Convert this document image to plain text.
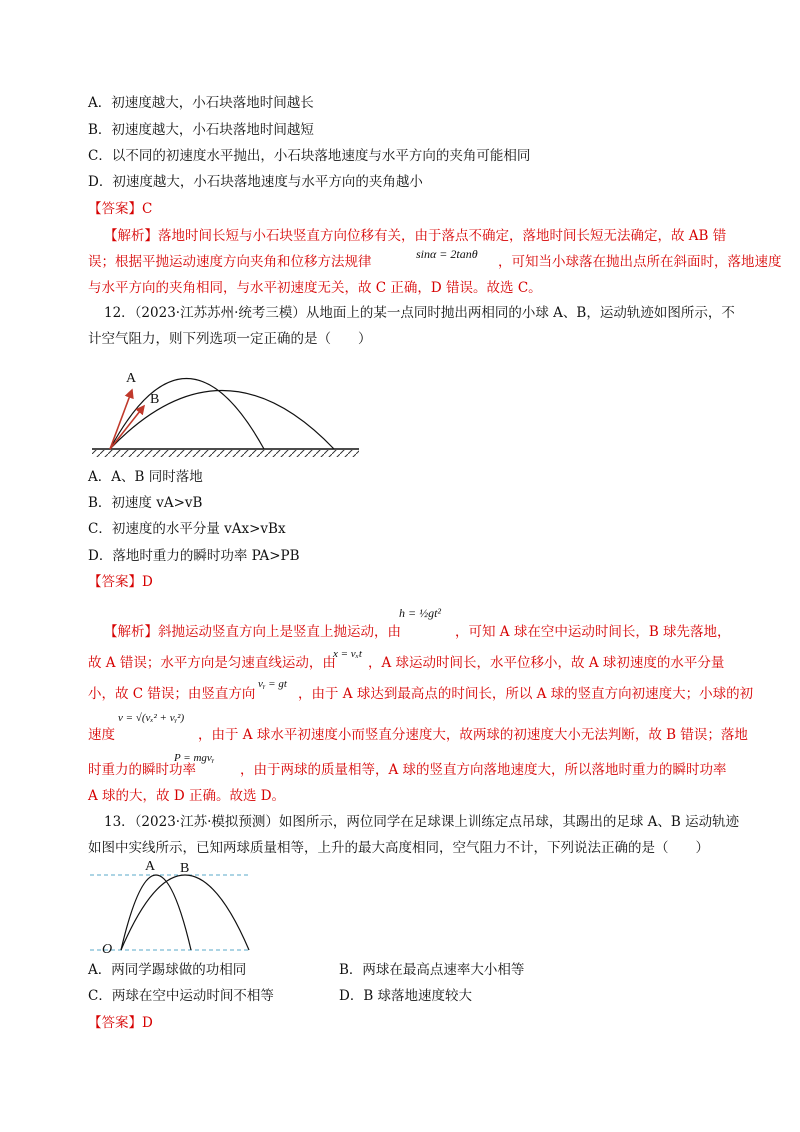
A．初速度越大，小石块落地时间越长
B．初速度越大，小石块落地时间越短
C．以不同的初速度水平抛出，小石块落地速度与水平方向的夹角可能相同
D．初速度越大，小石块落地速度与水平方向的夹角越小
【答案】C
【解析】落地时间长短与小石块竖直方向位移有关，由于落点不确定，落地时间长短无法确定，故 AB 错
误；根据平抛运动速度方向夹角和位移方法规律	sinα = 2tanθ ，可知当小球落在抛出点所在斜面时，落地速度
与水平方向的夹角相同，与水平初速度无关，故 C 正确，D 错误。故选 C。
12．（2023·江苏苏州·统考三模）从地面上的某一点同时抛出两相同的小球 A、B，运动轨迹如图所示，不
计空气阻力，则下列选项一定正确的是（　　）
A
B
A．A、B 同时落地
B．初速度 vA>vB
C．初速度的水平分量 vAx>vBx
D．落地时重力的瞬时功率 PA>PB
【答案】D
【解析】斜抛运动竖直方向上是竖直上抛运动，由
h = ½gt²
，可知 A 球在空中运动时间长，B 球先落地，
故 A 错误；水平方向是匀速直线运动，由
x = vₓt
，A 球运动时间长，水平位移小，故 A 球初速度的水平分量
小，故 C 错误；由竖直方向
vᵧ = gt
，由于 A 球达到最高点的时间长，所以 A 球的竖直方向初速度大；小球的初
速度
v = √(vₓ² + vᵧ²)
，由于 A 球水平初速度小而竖直分速度大，故两球的初速度大小无法判断，故 B 错误；落地
时重力的瞬时功率
P = mgvᵧ
，由于两球的质量相等，A 球的竖直方向落地速度大，所以落地时重力的瞬时功率
A 球的大，故 D 正确。故选 D。
13．（2023·江苏·模拟预测）如图所示，两位同学在足球课上训练定点吊球，其踢出的足球 A、B 运动轨迹
如图中实线所示，已知两球质量相等，上升的最大高度相同，空气阻力不计，下列说法正确的是（　　）
A B
O
A．两同学踢球做的功相同	B．两球在最高点速率大小相等
C．两球在空中运动时间不相等	D．B 球落地速度较大
【答案】D
